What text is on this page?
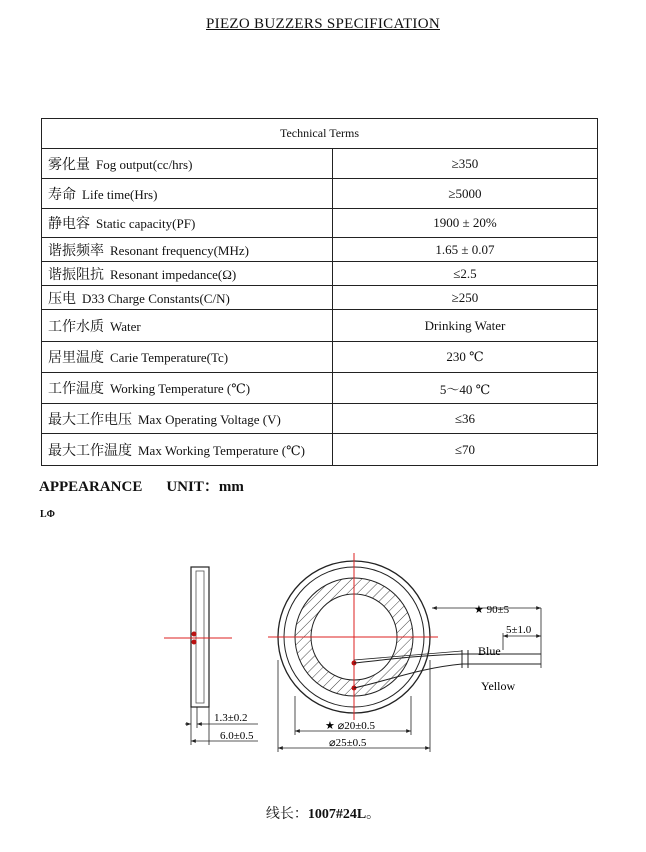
PIEZO BUZZERS SPECIFICATION
Technical Terms	
雾化量 Fog output(cc/hrs)	≥350
寿命 Life time(Hrs)	≥5000
静电容 Static capacity(PF)	1900 ± 20%
谐振频率 Resonant frequency(MHz)	1.65 ± 0.07
谐振阻抗 Resonant impedance(Ω)	≤2.5
压电 D33 Charge Constants(C/N)	≥250
工作水质 Water	Drinking Water
居里温度 Carie Temperature(Tc)	230 ℃
工作温度 Working Temperature (℃)	5～40 ℃
最大工作电压 Max Operating Voltage (V)	≤36
最大工作温度 Max Working Temperature (℃)	≤70
APPEARANCE UNIT：mm
LΦ
1.3±0.2
6.0±0.5
★ 90±5
5±1.0
Blue
Yellow
★ ⌀20±0.5
⌀25±0.5
线长：1007#24L。
